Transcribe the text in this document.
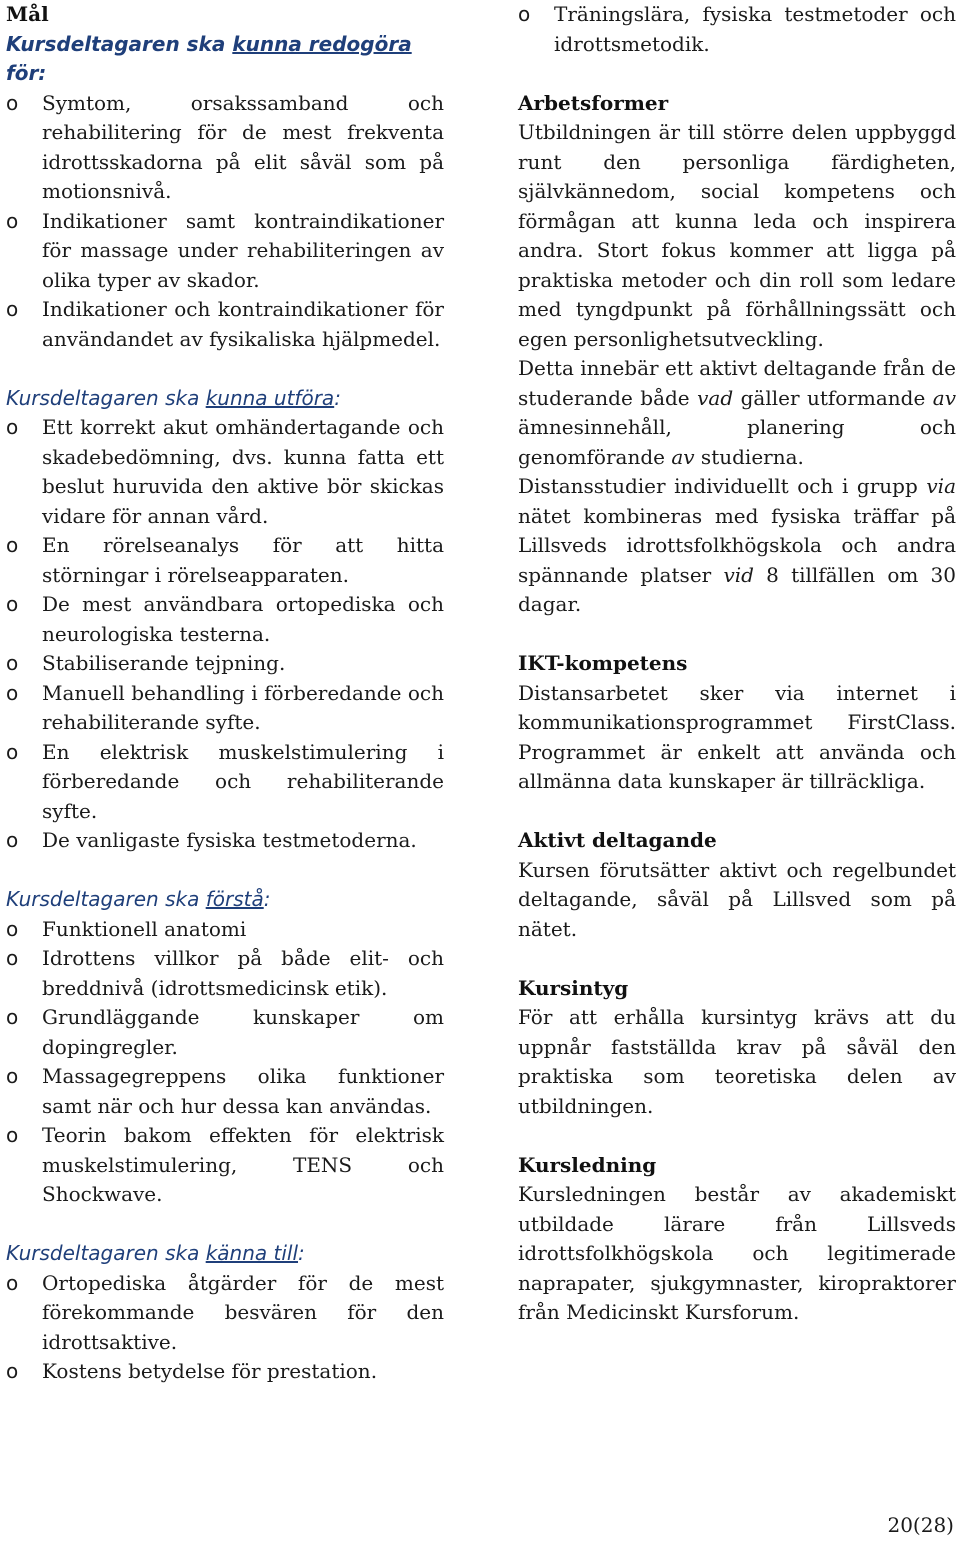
Mål

Kursdeltagaren ska kunna redogöra
för:

o	Symtom, orsakssamband och rehabilitering för de mest frekventa idrottsskadorna på elit såväl som på motionsnivå.
o	Indikationer samt kontraindikationer för massage under rehabiliteringen av olika typer av skador.
o	Indikationer och kontraindikationer för användandet av fysikaliska hjälpmedel.

Kursdeltagaren ska kunna utföra:

o	Ett korrekt akut omhändertagande och skadebedömning, dvs. kunna fatta ett beslut huruvida den aktive bör skickas vidare för annan vård.
o	En rörelseanalys för att hitta störningar i rörelseapparaten.
o	De mest användbara ortopediska och neurologiska testerna.
o	Stabiliserande tejpning.
o	Manuell behandling i förberedande och rehabiliterande syfte.
o	En elektrisk muskelstimulering i förberedande och rehabiliterande syfte.
o	De vanligaste fysiska testmetoderna.

Kursdeltagaren ska förstå:

o	Funktionell anatomi
o	Idrottens villkor på både elit- och breddnivå (idrottsmedicinsk etik).
o	Grundläggande kunskaper om dopingregler.
o	Massagegreppens olika funktioner samt när och hur dessa kan användas.
o	Teorin bakom effekten för elektrisk muskelstimulering, TENS och Shockwave.

Kursdeltagaren ska känna till:

o	Ortopediska åtgärder för de mest förekommande besvären för den idrottsaktive.
o	Kostens betydelse för prestation.
o	Träningslära, fysiska testmetoder och idrottsmetodik.
Arbetsformer

Utbildningen är till större delen uppbyggd runt den personliga färdigheten, självkännedom, social kompetens och förmågan att kunna leda och inspirera andra. Stort fokus kommer att ligga på praktiska metoder och din roll som ledare med tyngdpunkt på förhållningssätt och egen personlighetsutveckling.

Detta innebär ett aktivt deltagande från de studerande både vad gäller utformande av ämnesinnehåll, planering och genomförande av studierna.

Distansstudier individuellt och i grupp via nätet kombineras med fysiska träffar på Lillsveds idrottsfolkhögskola och andra spännande platser vid 8 tillfällen om 30 dagar.

IKT-kompetens

Distansarbetet sker via internet i kommunikationsprogrammet FirstClass. Programmet är enkelt att använda och allmänna data kunskaper är tillräckliga.

Aktivt deltagande

Kursen förutsätter aktivt och regelbundet deltagande, såväl på Lillsved som på nätet.

Kursintyg

För att erhålla kursintyg krävs att du uppnår fastställda krav på såväl den praktiska som teoretiska delen av utbildningen.

Kursledning

Kursledningen består av akademiskt utbildade lärare från Lillsveds idrottsfolkhögskola och legitimerade naprapater, sjukgymnaster, kiropraktorer från Medicinskt Kursforum.

20(28)
